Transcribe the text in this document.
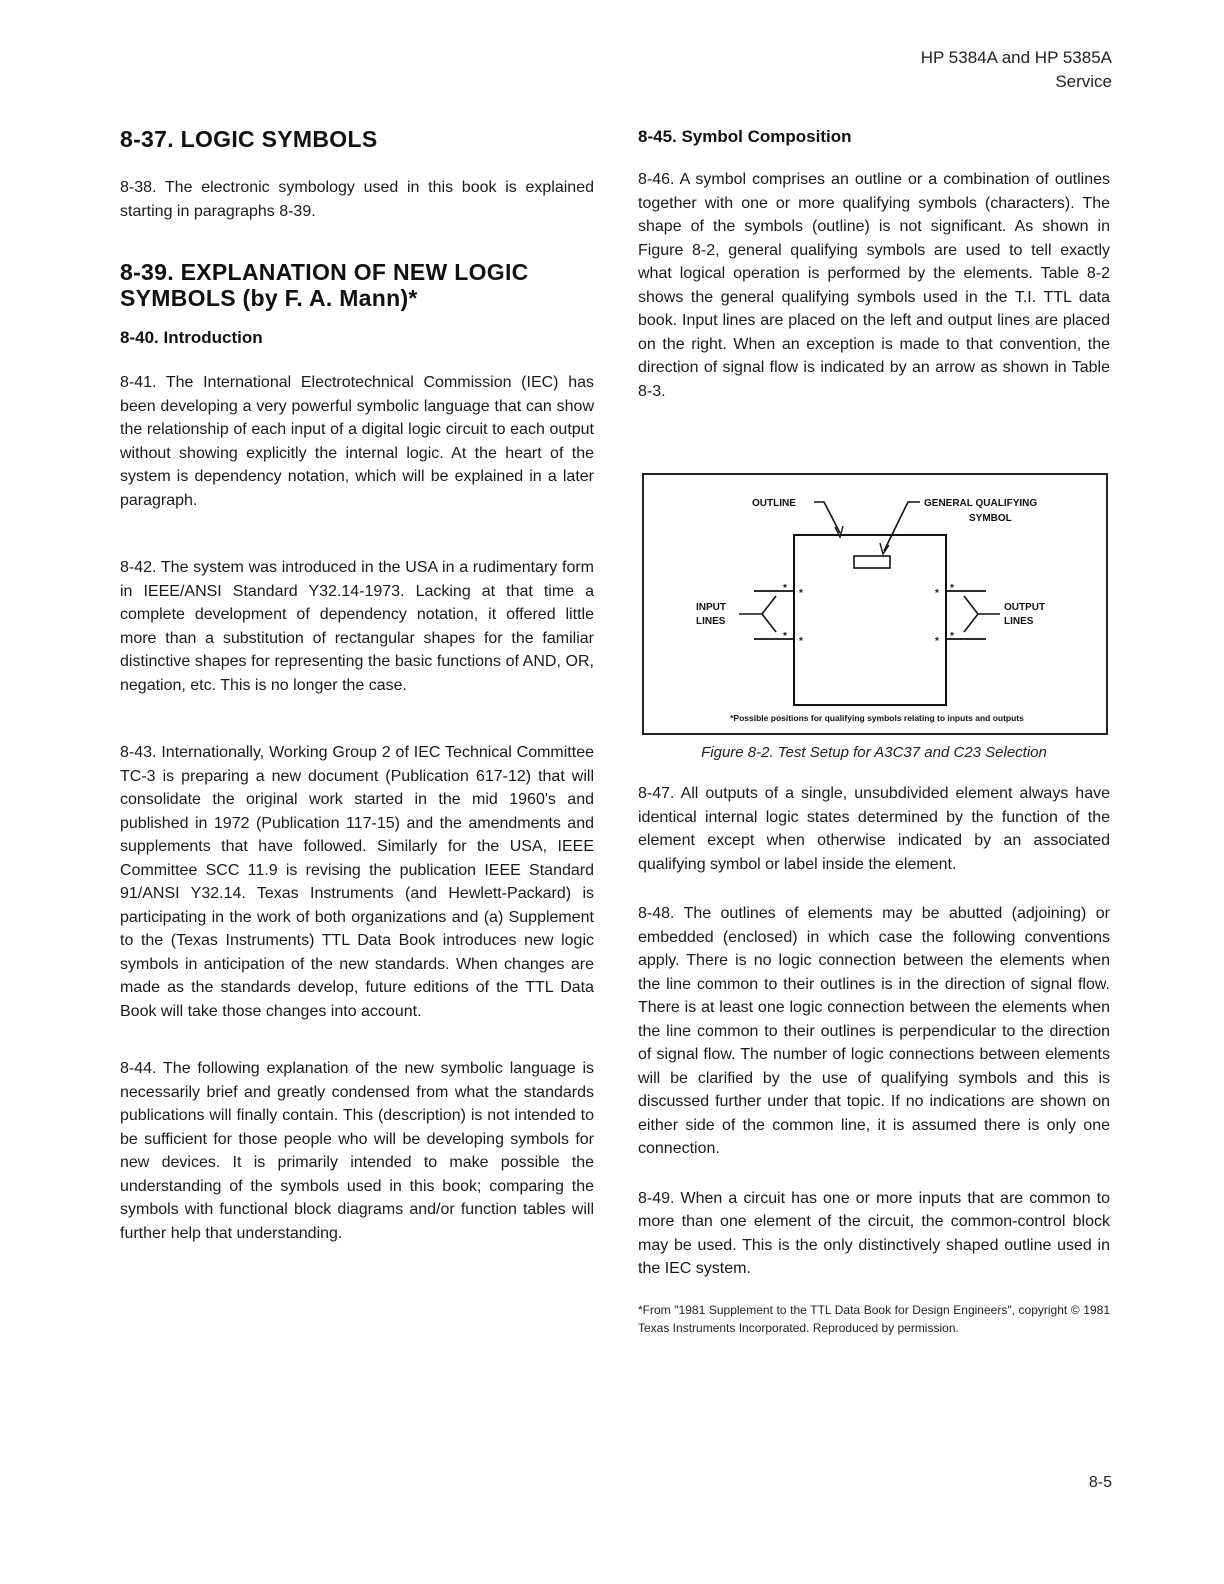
HP 5384A and HP 5385A
Service
8-37. LOGIC SYMBOLS

8-38. The electronic symbology used in this book is explained starting in paragraphs 8-39.

8-39. EXPLANATION OF NEW LOGIC
SYMBOLS (by F. A. Mann)*
8-40. Introduction

8-41. The International Electrotechnical Commission (IEC) has been developing a very powerful symbolic language that can show the relationship of each input of a digital logic circuit to each output without showing explicitly the internal logic. At the heart of the system is dependency notation, which will be explained in a later paragraph.

8-42. The system was introduced in the USA in a rudimentary form in IEEE/ANSI Standard Y32.14-1973. Lacking at that time a complete development of dependency notation, it offered little more than a substitution of rectangular shapes for the familiar distinctive shapes for representing the basic functions of AND, OR, negation, etc. This is no longer the case.

8-43. Internationally, Working Group 2 of IEC Technical Committee TC-3 is preparing a new document (Publication 617-12) that will consolidate the original work started in the mid 1960's and published in 1972 (Publication 117-15) and the amendments and supplements that have followed. Similarly for the USA, IEEE Committee SCC 11.9 is revising the publication IEEE Standard 91/ANSI Y32.14. Texas Instruments (and Hewlett-Packard) is participating in the work of both organizations and (a) Supplement to the (Texas Instruments) TTL Data Book introduces new logic symbols in anticipation of the new standards. When changes are made as the standards develop, future editions of the TTL Data Book will take those changes into account.

8-44. The following explanation of the new symbolic language is necessarily brief and greatly condensed from what the standards publications will finally contain. This (description) is not intended to be sufficient for those people who will be developing symbols for new devices. It is primarily intended to make possible the understanding of the symbols used in this book; comparing the symbols with functional block diagrams and/or function tables will further help that understanding.

8-45. Symbol Composition

8-46. A symbol comprises an outline or a combination of outlines together with one or more qualifying symbols (characters). The shape of the symbols (outline) is not significant. As shown in Figure 8-2, general qualifying symbols are used to tell exactly what logical operation is performed by the elements. Table 8-2 shows the general qualifying symbols used in the T.I. TTL data book. Input lines are placed on the left and output lines are placed on the right. When an exception is made to that convention, the direction of signal flow is indicated by an arrow as shown in Table 8-3.

OUTLINE	GENERAL QUALIFYING
SYMBOL
INPUT
LINES
OUTPUT
LINES
* *
* *
* *
* *
*Possible positions for qualifying symbols relating to inputs and outputs
Figure 8-2. Test Setup for A3C37 and C23 Selection

8-47. All outputs of a single, unsubdivided element always have identical internal logic states determined by the function of the element except when otherwise indicated by an associated qualifying symbol or label inside the element.

8-48. The outlines of elements may be abutted (adjoining) or embedded (enclosed) in which case the following conventions apply. There is no logic connection between the elements when the line common to their outlines is in the direction of signal flow. There is at least one logic connection between the elements when the line common to their outlines is perpendicular to the direction of signal flow. The number of logic connections between elements will be clarified by the use of qualifying symbols and this is discussed further under that topic. If no indications are shown on either side of the common line, it is assumed there is only one connection.

8-49. When a circuit has one or more inputs that are common to more than one element of the circuit, the common-control block may be used. This is the only distinctively shaped outline used in the IEC system.

*From "1981 Supplement to the TTL Data Book for Design Engineers", copyright © 1981 Texas Instruments Incorporated. Reproduced by permission.
8-5
